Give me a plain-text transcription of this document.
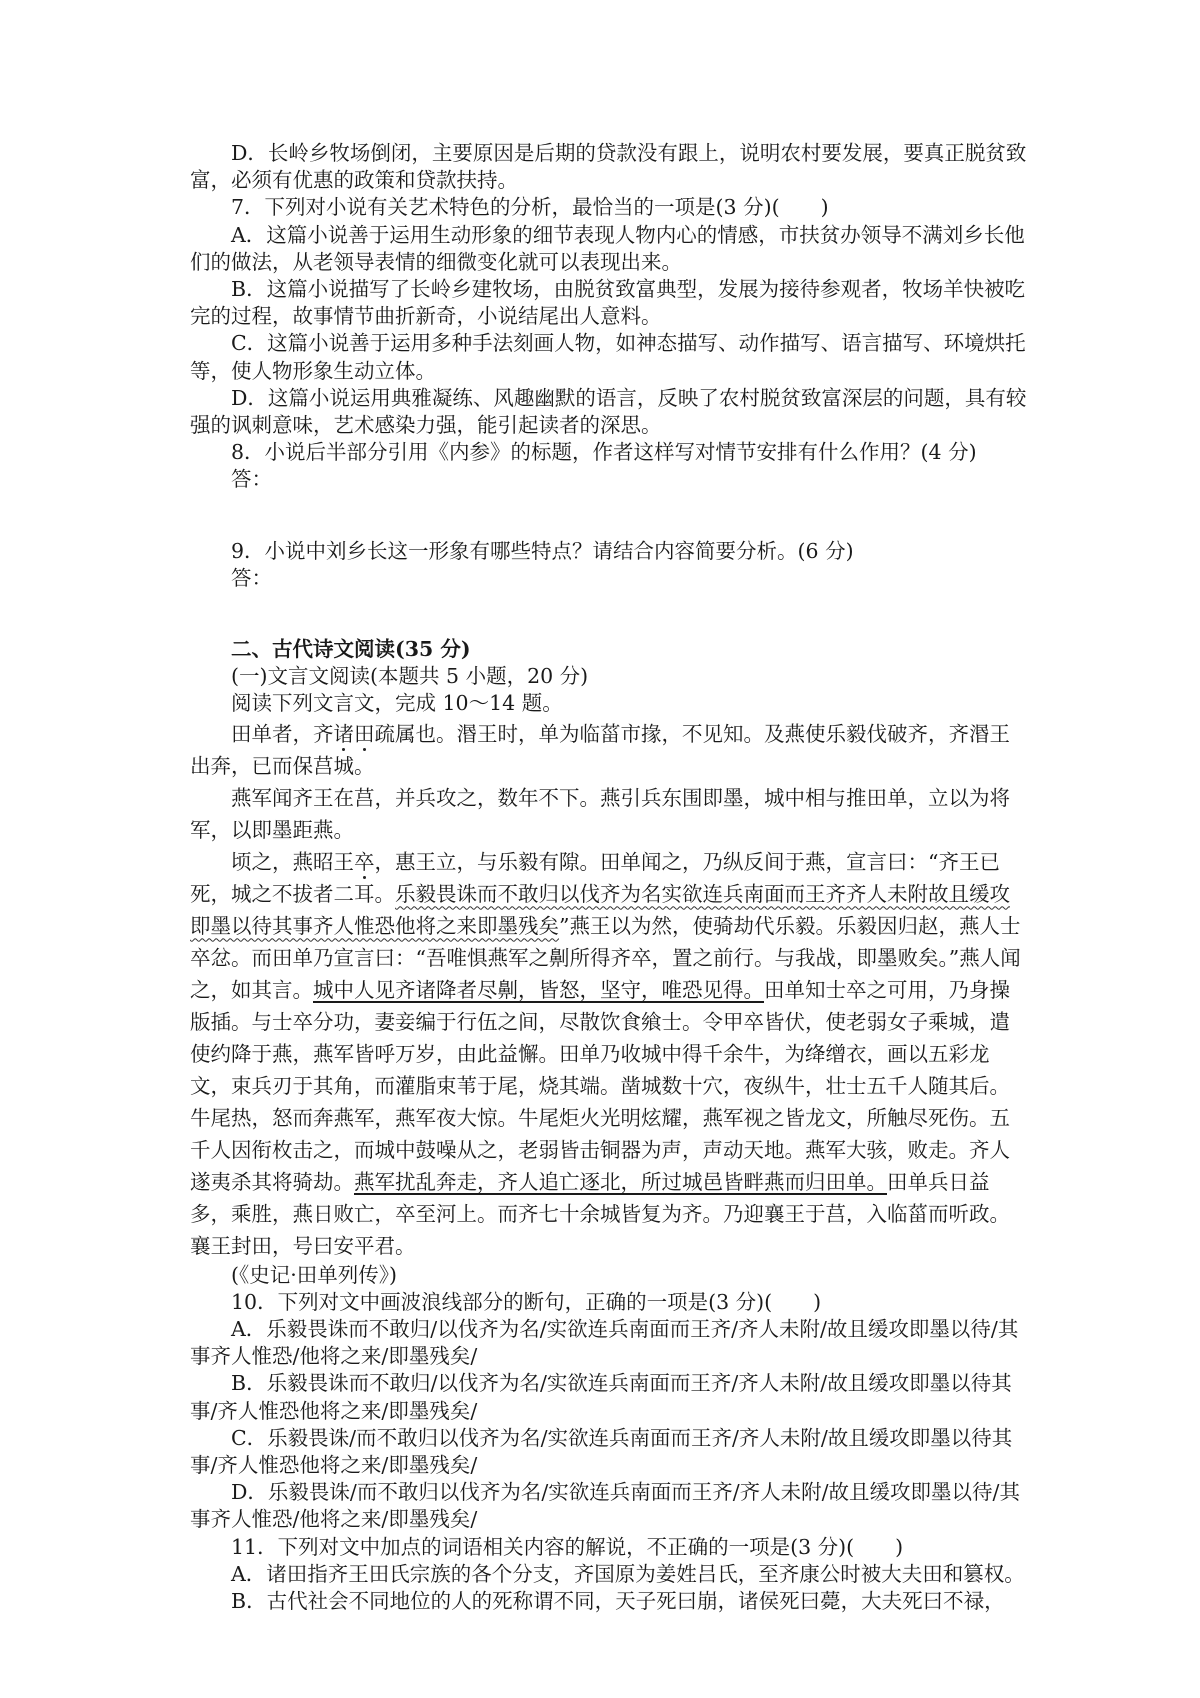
D．长岭乡牧场倒闭，主要原因是后期的贷款没有跟上，说明农村要发展，要真正脱贫致富，必须有优惠的政策和贷款扶持。

7．下列对小说有关艺术特色的分析，最恰当的一项是(3 分)(　　)

A．这篇小说善于运用生动形象的细节表现人物内心的情感，市扶贫办领导不满刘乡长他们的做法，从老领导表情的细微变化就可以表现出来。

B．这篇小说描写了长岭乡建牧场，由脱贫致富典型，发展为接待参观者，牧场羊快被吃完的过程，故事情节曲折新奇，小说结尾出人意料。

C．这篇小说善于运用多种手法刻画人物，如神态描写、动作描写、语言描写、环境烘托等，使人物形象生动立体。

D．这篇小说运用典雅凝练、风趣幽默的语言，反映了农村脱贫致富深层的问题，具有较强的讽刺意味，艺术感染力强，能引起读者的深思。

8．小说后半部分引用《内参》的标题，作者这样写对情节安排有什么作用？(4 分)

答：

9．小说中刘乡长这一形象有哪些特点？请结合内容简要分析。(6 分)

答：

二、古代诗文阅读(35 分)

(一)文言文阅读(本题共 5 小题，20 分)

阅读下列文言文，完成 10～14 题。

田单者，齐诸田疏属也。湣王时，单为临菑市掾，不见知。及燕使乐毅伐破齐，齐湣王出奔，已而保莒城。

燕军闻齐王在莒，并兵攻之，数年不下。燕引兵东围即墨，城中相与推田单，立以为将军，以即墨距燕。

顷之，燕昭王卒，惠王立，与乐毅有隙。田单闻之，乃纵反间于燕，宣言曰：“齐王已死，城之不拔者二耳。乐毅畏诛而不敢归以伐齐为名实欲连兵南面而王齐齐人未附故且缓攻即墨以待其事齐人惟恐他将之来即墨残矣”燕王以为然，使骑劫代乐毅。乐毅因归赵，燕人士卒忿。而田单乃宣言曰：“吾唯惧燕军之劓所得齐卒，置之前行。与我战，即墨败矣。”燕人闻之，如其言。城中人见齐诸降者尽劓，皆怒，坚守，唯恐见得。田单知士卒之可用，乃身操版插。与士卒分功，妻妾编于行伍之间，尽散饮食飨士。令甲卒皆伏，使老弱女子乘城，遣使约降于燕，燕军皆呼万岁，由此益懈。田单乃收城中得千余牛，为绛缯衣，画以五彩龙文，束兵刃于其角，而灌脂束苇于尾，烧其端。凿城数十穴，夜纵牛，壮士五千人随其后。牛尾热，怒而奔燕军，燕军夜大惊。牛尾炬火光明炫耀，燕军视之皆龙文，所触尽死伤。五千人因衔枚击之，而城中鼓噪从之，老弱皆击铜器为声，声动天地。燕军大骇，败走。齐人遂夷杀其将骑劫。燕军扰乱奔走，齐人追亡逐北，所过城邑皆畔燕而归田单。田单兵日益多，乘胜，燕日败亡，卒至河上。而齐七十余城皆复为齐。乃迎襄王于莒，入临菑而听政。襄王封田，号曰安平君。

(《史记·田单列传》)

10．下列对文中画波浪线部分的断句，正确的一项是(3 分)(　　)

A．乐毅畏诛而不敢归/以伐齐为名/实欲连兵南面而王齐/齐人未附/故且缓攻即墨以待/其事齐人惟恐/他将之来/即墨残矣/

B．乐毅畏诛而不敢归/以伐齐为名/实欲连兵南面而王齐/齐人未附/故且缓攻即墨以待其事/齐人惟恐他将之来/即墨残矣/

C．乐毅畏诛/而不敢归以伐齐为名/实欲连兵南面而王齐/齐人未附/故且缓攻即墨以待其事/齐人惟恐他将之来/即墨残矣/

D．乐毅畏诛/而不敢归以伐齐为名/实欲连兵南面而王齐/齐人未附/故且缓攻即墨以待/其事齐人惟恐/他将之来/即墨残矣/

11．下列对文中加点的词语相关内容的解说，不正确的一项是(3 分)(　　)

A．诸田指齐王田氏宗族的各个分支，齐国原为姜姓吕氏，至齐康公时被大夫田和篡权。

B．古代社会不同地位的人的死称谓不同，天子死曰崩，诸侯死曰薨，大夫死曰不禄，
